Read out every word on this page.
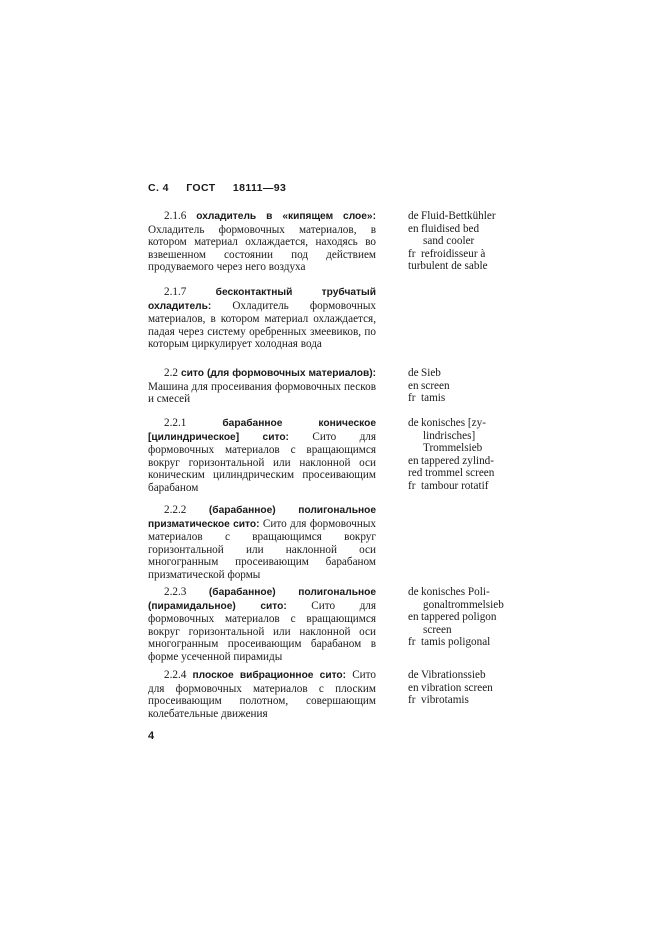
С. 4 ГОСТ 18111—93

2.1.6 охладитель в «кипящем слое»: Охладитель формовочных материалов, в котором материал охлаждается, находясь во взвешенном состоянии под действием продуваемого через него воздуха

de Fluid-Bettkühler
en fluidised bed
sand cooler
fr refroidisseur à
turbulent de sable

2.1.7	бесконтактный трубчатый охладитель: Охладитель формовочных материалов, в котором материал охлаждается, падая через систему оребренных змеевиков, по которым циркулирует холодная вода

2.2 сито (для формовочных материалов): Машина для просеивания формовочных песков и смесей

de Sieb
en screen
fr tamis

2.2.1	барабанное коническое [цилиндрическое] сито: Сито для формовочных материалов с вращающимся вокруг горизонтальной или наклонной оси коническим цилиндрическим просеивающим барабаном

de konisches [zy-
lindrisches]
Trommelsieb
en tappered zylind-
red trommel screen
fr tambour rotatif

2.2.2 (барабанное) полигональное призматическое сито: Сито для формовочных материалов с вращающимся вокруг горизонтальной или наклонной оси многогранным просеивающим барабаном призматической формы

2.2.3 (барабанное) полигональное (пирамидальное) сито: Сито для формовочных материалов с вращающимся вокруг горизонтальной или наклонной оси многогранным просеивающим барабаном в форме усеченной пирамиды

de konisches Poli-
gonaltrommelsieb
en tappered poligon
screen
fr tamis poligonal

2.2.4 плоское вибрационное сито: Сито для формовочных материалов с плоским просеивающим полотном, совершающим колебательные движения

de Vibrationssieb
en vibration screen
fr vibrotamis
4
